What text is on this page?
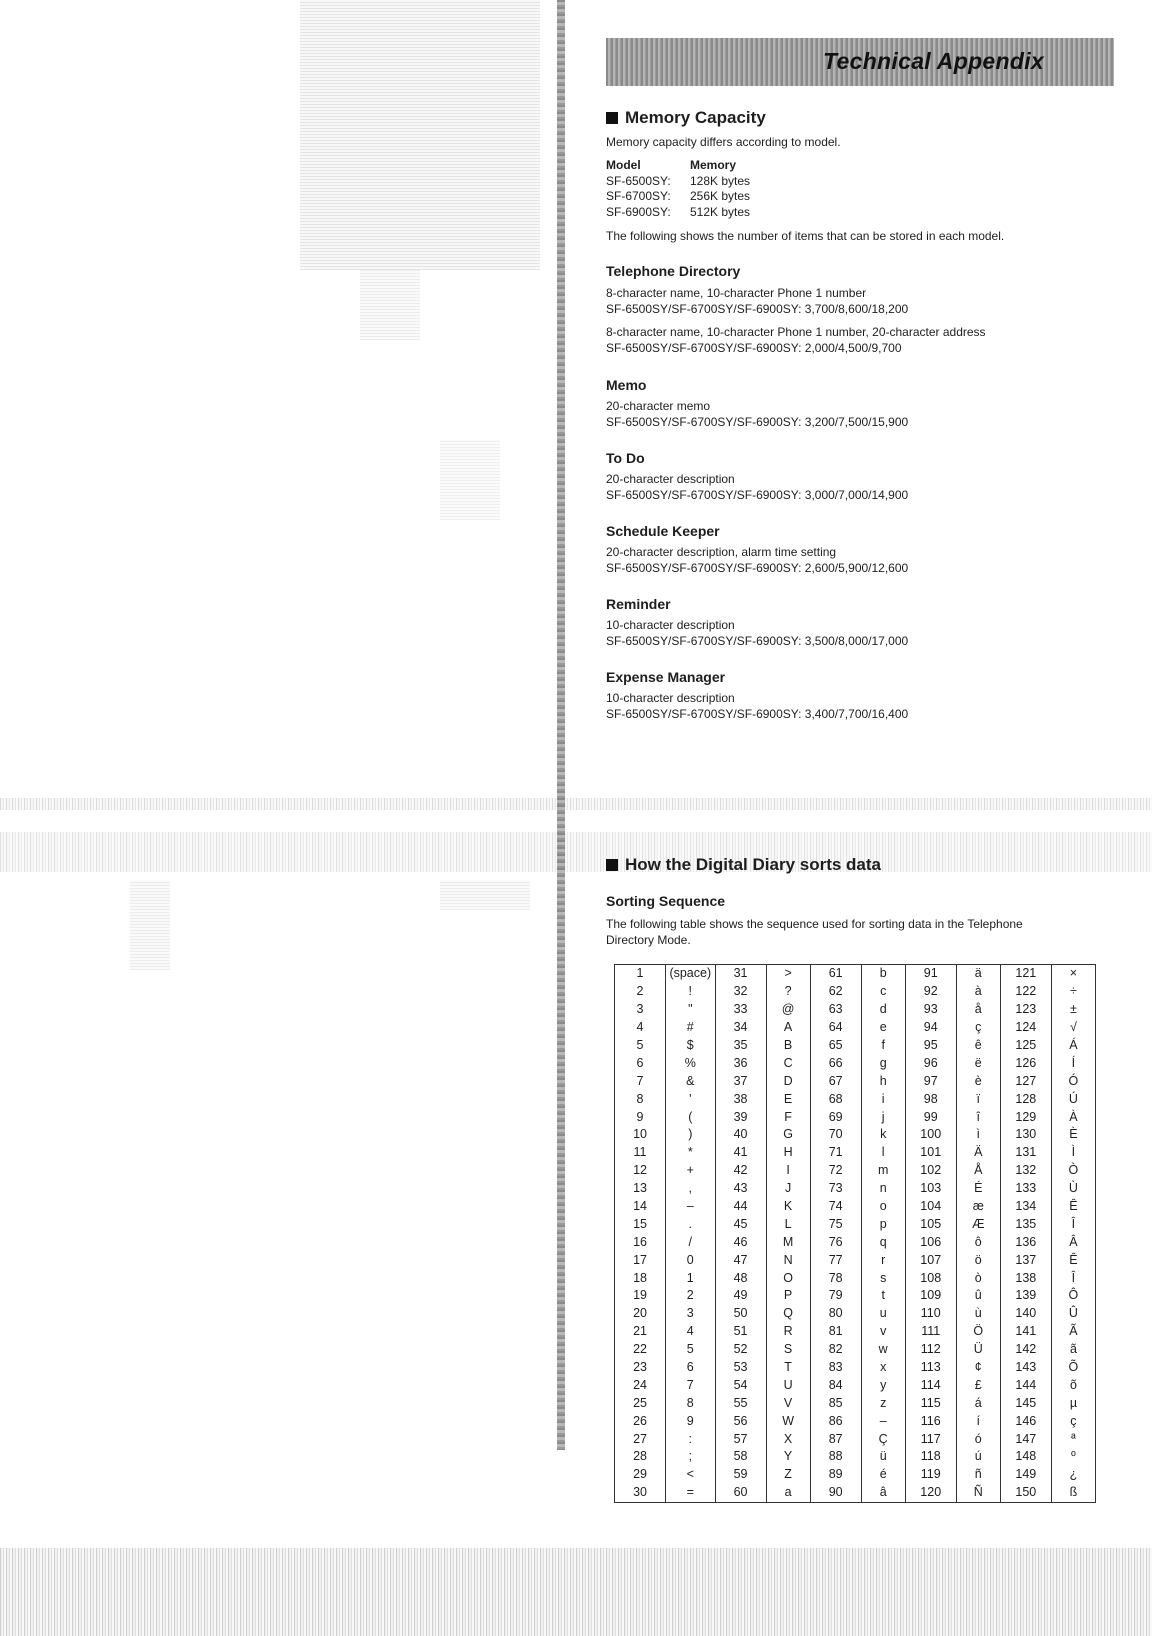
Technical Appendix
Memory Capacity
Memory capacity differs according to model.
Model	Memory
SF-6500SY:	128K bytes
SF-6700SY:	256K bytes
SF-6900SY:	512K bytes
The following shows the number of items that can be stored in each model.
Telephone Directory
8-character name, 10-character Phone 1 number
SF-6500SY/SF-6700SY/SF-6900SY: 3,700/8,600/18,200
8-character name, 10-character Phone 1 number, 20-character address
SF-6500SY/SF-6700SY/SF-6900SY: 2,000/4,500/9,700
Memo
20-character memo
SF-6500SY/SF-6700SY/SF-6900SY: 3,200/7,500/15,900
To Do
20-character description
SF-6500SY/SF-6700SY/SF-6900SY: 3,000/7,000/14,900
Schedule Keeper
20-character description, alarm time setting
SF-6500SY/SF-6700SY/SF-6900SY: 2,600/5,900/12,600
Reminder
10-character description
SF-6500SY/SF-6700SY/SF-6900SY: 3,500/8,000/17,000
Expense Manager
10-character description
SF-6500SY/SF-6700SY/SF-6900SY: 3,400/7,700/16,400
How the Digital Diary sorts data
Sorting Sequence
The following table shows the sequence used for sorting data in the Telephone
Directory Mode.
1	(space)	31	>	61	b	91	ä	121	×
2	!	32	?	62	c	92	à	122	÷
3	"	33	@	63	d	93	å	123	±
4	#	34	A	64	e	94	ç	124	√
5	$	35	B	65	f	95	ê	125	Á
6	%	36	C	66	g	96	ë	126	Í
7	&	37	D	67	h	97	è	127	Ó
8	'	38	E	68	i	98	ï	128	Ú
9	(	39	F	69	j	99	î	129	À
10	)	40	G	70	k	100	ì	130	È
11	*	41	H	71	l	101	Ä	131	Ì
12	+	42	I	72	m	102	Å	132	Ò
13	,	43	J	73	n	103	É	133	Ù
14	–	44	K	74	o	104	æ	134	Ê
15	.	45	L	75	p	105	Æ	135	Î
16	/	46	M	76	q	106	ô	136	Â
17	0	47	N	77	r	107	ö	137	Ê
18	1	48	O	78	s	108	ò	138	Î
19	2	49	P	79	t	109	û	139	Ô
20	3	50	Q	80	u	110	ù	140	Û
21	4	51	R	81	v	111	Ö	141	Ã
22	5	52	S	82	w	112	Ü	142	ã
23	6	53	T	83	x	113	¢	143	Õ
24	7	54	U	84	y	114	£	144	õ
25	8	55	V	85	z	115	á	145	µ
26	9	56	W	86	–	116	í	146	ç
27	:	57	X	87	Ç	117	ó	147	ª
28	;	58	Y	88	ü	118	ú	148	º
29	<	59	Z	89	é	119	ñ	149	¿
30	=	60	a	90	â	120	Ñ	150	ß
